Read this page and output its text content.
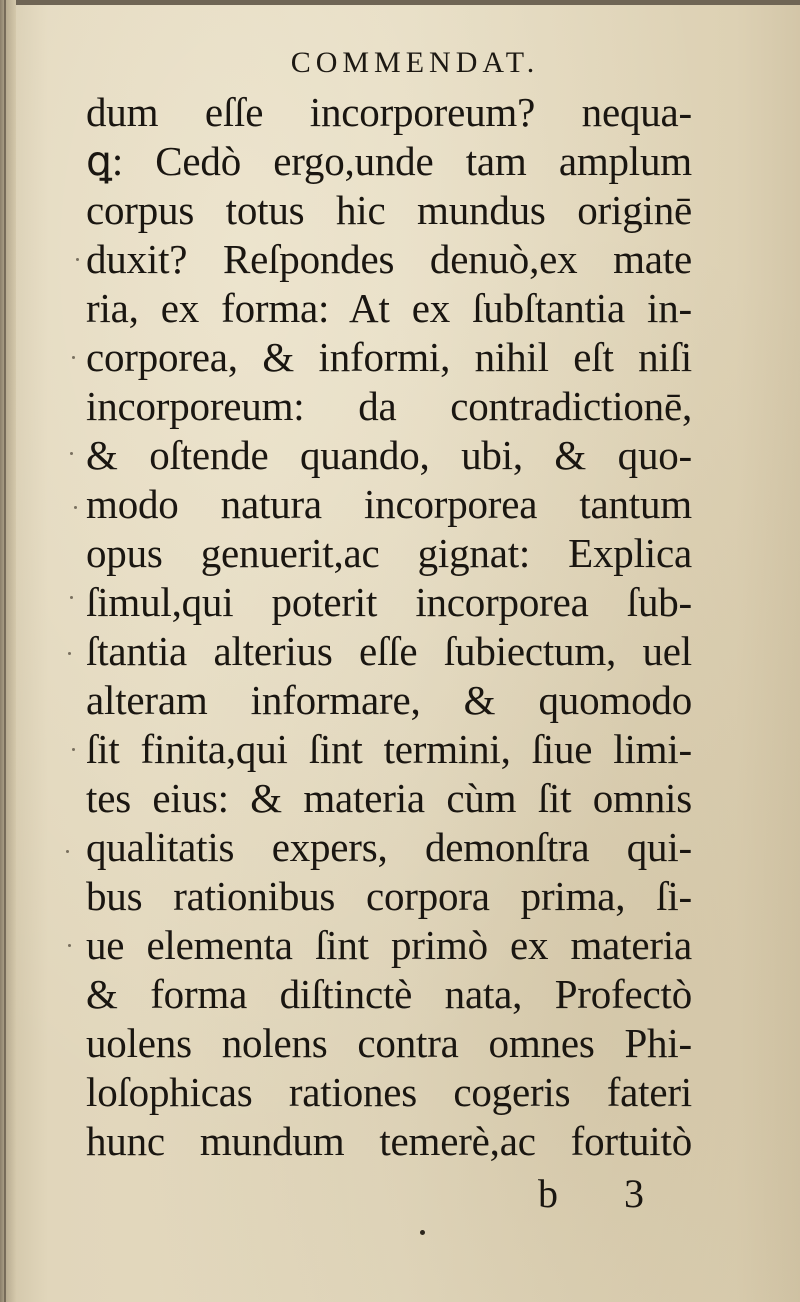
COMMENDAT.
dum eſſe incorporeum? nequa-
ꝗ: Cedò ergo,unde tam amplum
corpus totus hic mundus originē
duxit? Reſpondes denuò,ex mate
ria, ex forma: At ex ſubſtantia in-
corporea, & informi, nihil eſt niſi
incorporeum: da contradictionē,
& oſtende quando, ubi, & quo-
modo natura incorporea tantum
opus genuerit,ac gignat: Explica
ſimul,qui poterit incorporea ſub-
ſtantia alterius eſſe ſubiectum, uel
alteram informare, & quomodo
ſit finita,qui ſint termini, ſiue limi-
tes eius: & materia cùm ſit omnis
qualitatis expers, demonſtra qui-
bus rationibus corpora prima, ſi-
ue elementa ſint primò ex materia
& forma diſtinctè nata, Profectò
uolens nolens contra omnes Phi-
loſophicas rationes cogeris fateri
hunc mundum temerè,ac fortuitò
b 3
